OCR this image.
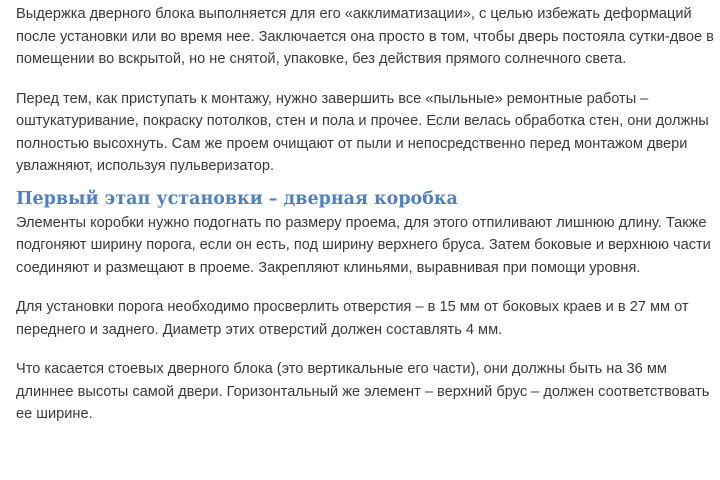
Выдержка дверного блока выполняется для его «акклиматизации», с целью избежать деформаций после установки или во время нее. Заключается она просто в том, чтобы дверь постояла сутки-двое в помещении во вскрытой, но не снятой, упаковке, без действия прямого солнечного света.

Перед тем, как приступать к монтажу, нужно завершить все «пыльные» ремонтные работы – оштукатуривание, покраску потолков, стен и пола и прочее. Если велась обработка стен, они должны полностью высохнуть. Сам же проем очищают от пыли и непосредственно перед монтажом двери увлажняют, используя пульверизатор.

Первый этап установки – дверная коробка

Элементы коробки нужно подогнать по размеру проема, для этого отпиливают лишнюю длину. Также подгоняют ширину порога, если он есть, под ширину верхнего бруса. Затем боковые и верхнюю части соединяют и размещают в проеме. Закрепляют клиньями, выравнивая при помощи уровня.

Для установки порога необходимо просверлить отверстия – в 15 мм от боковых краев и в 27 мм от переднего и заднего. Диаметр этих отверстий должен составлять 4 мм.

Что касается стоевых дверного блока (это вертикальные его части), они должны быть на 36 мм длиннее высоты самой двери. Горизонтальный же элемент – верхний брус – должен соответствовать ее ширине.
